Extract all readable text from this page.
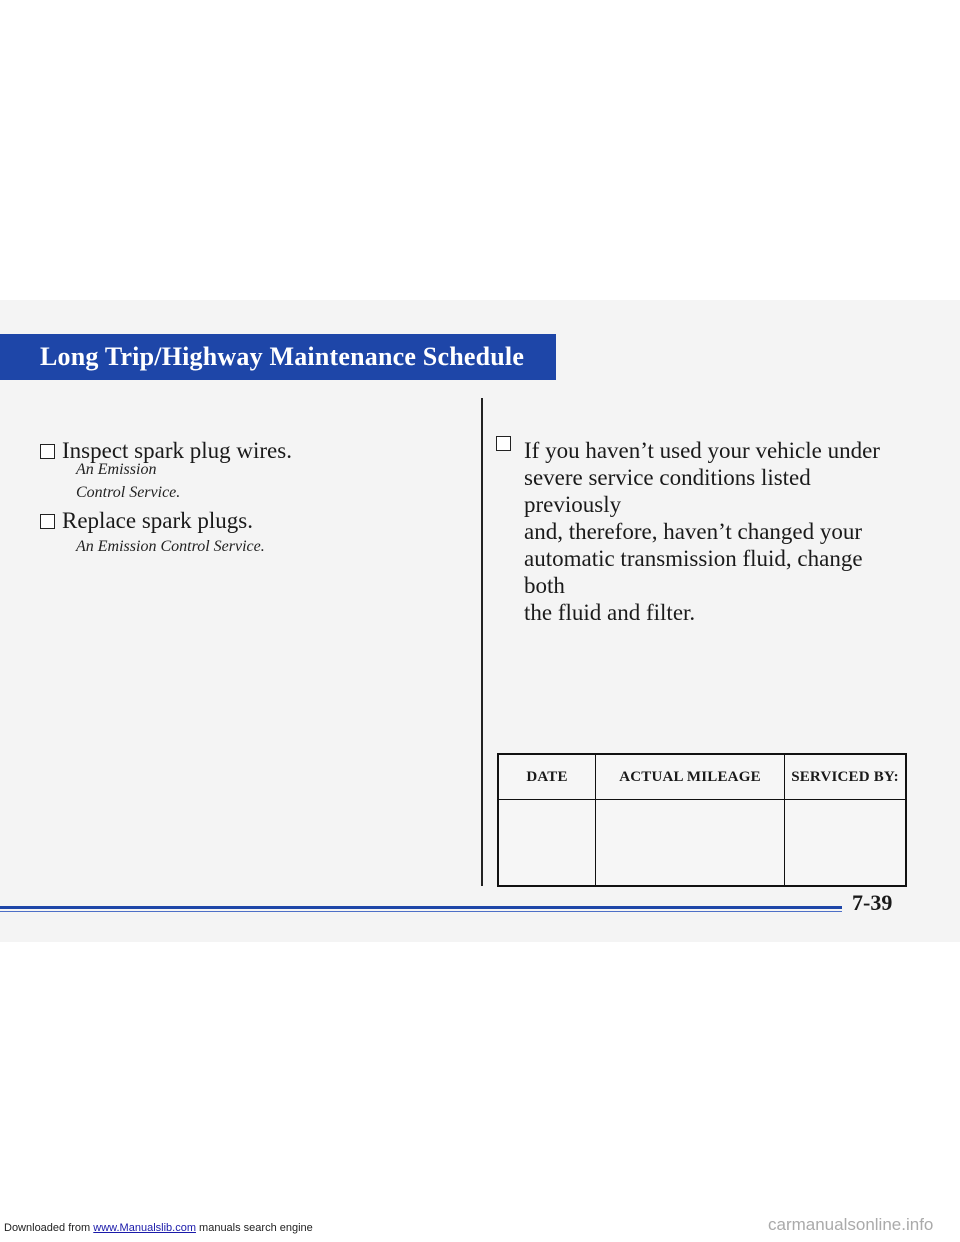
Long Trip/Highway Maintenance Schedule
Inspect spark plug wires.
An Emission
Control Service.
Replace spark plugs.
An Emission Control Service.
If you haven’t used your vehicle under
severe service conditions listed previously
and, therefore, haven’t changed your
automatic transmission fluid, change both
the fluid and filter.
DATE	ACTUAL MILEAGE	SERVICED BY:

7-39
Downloaded from www.Manualslib.com manuals search engine	carmanualsonline.info
